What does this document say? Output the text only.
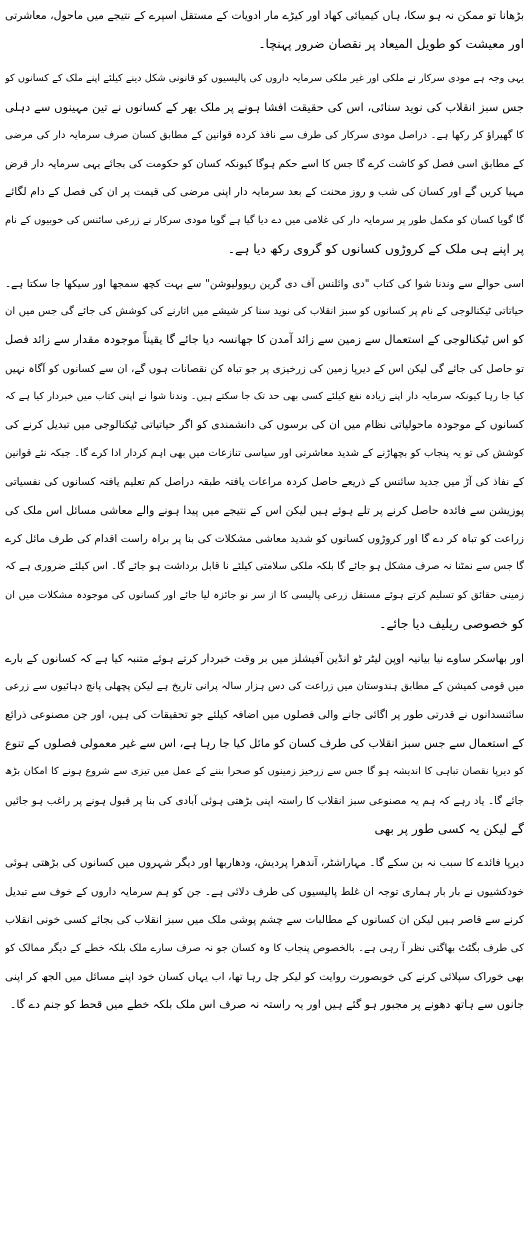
بڑھانا تو ممکن نہ ہو سکا، ہاں کیمیائی کھاد اور کیڑے مار ادویات کے مستقل اسپرے کے نتیجے میں ماحول، معاشرتی
اور معیشت کو طویل المیعاد پر نقصان ضرور پہنچا۔
یہی وجہ ہے مودی سرکار نے ملکی اور غیر ملکی سرمایہ داروں کی پالیسیوں کو قانونی شکل دینے کیلئے اپنے ملک کے کسانوں کو
جس سبز انقلاب کی نوید سنائی، اس کی حقیقت افشا ہونے پر ملک بھر کے کسانوں نے تین مہینوں سے دہلی
کا گھیراؤ کر رکھا ہے۔ دراصل مودی سرکار کی طرف سے نافذ کردہ قوانین کے مطابق کسان صرف سرمایہ دار کی مرضی
کے مطابق اسی فصل کو کاشت کرے گا جس کا اسے حکم ہوگا کیونکہ کسان کو حکومت کی بجائے یہی سرمایہ دار قرض
مہیا کریں گے اور کسان کی شب و روز محنت کے بعد سرمایہ دار اپنی مرضی کی قیمت پر ان کی فصل کے دام لگائے
گا گویا کسان کو مکمل طور پر سرمایہ دار کی غلامی میں دے دیا گیا ہے گویا مودی سرکار نے زرعی سائنس کی خوبیوں کے نام
پر اپنے ہی ملک کے کروڑوں کسانوں کو گروی رکھ دیا ہے۔
اسی حوالے سے وندنا شوا کی کتاب "دی وائلنس آف دی گرین ریوولیوشن" سے بہت کچھ سمجھا اور سیکھا جا سکتا ہے۔
حیاتاتی ٹیکنالوجی کے نام پر کسانوں کو سبز انقلاب کی نوید سنا کر شیشے میں اتارنے کی کوشش کی جائے گی جس میں ان
کو اس ٹیکنالوجی کے استعمال سے زمین سے زائد آمدن کا جھانسہ دیا جائے گا یقیناً موجودہ مقدار سے زائد فصل
تو حاصل کی جائے گی لیکن اس کے دیرپا زمین کی زرخیزی پر جو تباہ کن نقصانات ہوں گے، ان سے کسانوں کو آگاہ نہیں
کیا جا رہا کیونکہ سرمایہ دار اپنے زیادہ نفع کیلئے کسی بھی حد تک جا سکتے ہیں۔ وندنا شوا نے اپنی کتاب میں خبردار کیا ہے کہ
کسانوں کے موجودہ ماحولیاتی نظام میں ان کی برسوں کی دانشمندی کو اگر حیاتیاتی ٹیکنالوجی میں تبدیل کرنے کی
کوشش کی تو یہ پنجاب کو بچھاڑنے کے شدید معاشرتی اور سیاسی تنازعات میں بھی اہم کردار ادا کرے گا۔ جبکہ نئے قوانین
کے نفاذ کی آڑ میں جدید سائنس کے ذریعے حاصل کردہ مراعات یافتہ طبقہ دراصل کم تعلیم یافتہ کسانوں کی نفسیاتی
پوزیشن سے فائدہ حاصل کرنے پر تلے ہوئے ہیں لیکن اس کے نتیجے میں پیدا ہونے والے معاشی مسائل اس ملک کی
زراعت کو تباہ کر دے گا اور کروڑوں کسانوں کو شدید معاشی مشکلات کی بنا پر براہ راست اقدام کی طرف مائل کرے
گا جس سے نمٹنا نہ صرف مشکل ہو جائے گا بلکہ ملکی سلامتی کیلئے نا قابل برداشت ہو جائے گا۔ اس کیلئے ضروری ہے کہ
زمینی حقائق کو تسلیم کرتے ہوئے مستقل زرعی پالیسی کا از سر نو جائزہ لیا جائے اور کسانوں کی موجودہ مشکلات میں ان
کو خصوصی ریلیف دیا جائے۔
اور بھاسکر ساوے نیا بیانیہ اوپن لیٹر ٹو انڈین آفیشلز میں بر وقت خبردار کرتے ہوئے متنبہ کیا ہے کہ کسانوں کے بارے
میں قومی کمیشن کے مطابق ہندوستان میں زراعت کی دس ہزار سالہ پرانی تاریخ ہے لیکن پچھلی پانچ دہائیوں سے زرعی
سائنسدانوں نے قدرتی طور پر اگائی جانے والی فصلوں میں اضافہ کیلئے جو تحقیقات کی ہیں، اور جن مصنوعی ذرائع
کے استعمال سے جس سبز انقلاب کی طرف کسان کو مائل کیا جا رہا ہے، اس سے غیر معمولی فصلوں کے تنوع
کو دیرپا نقصان تباہی کا اندیشہ ہو گا جس سے زرخیز زمینوں کو صحرا بننے کے عمل میں تیزی سے شروع ہونے کا امکان بڑھ
جائے گا۔ یاد رہے کہ ہم یہ مصنوعی سبز انقلاب کا راستہ اپنی بڑھتی ہوئی آبادی کی بنا پر قبول ہونے پر راغب ہو جائیں
گے لیکن یہ کسی طور پر بھی
دیرپا فائدے کا سبب نہ بن سکے گا۔ مہاراشٹر، آندھرا پردیش، ودھاربھا اور دیگر شہروں میں کسانوں کی بڑھتی ہوئی
خودکشیوں نے بار بار ہماری توجہ ان غلط پالیسیوں کی طرف دلائی ہے۔ جن کو ہم سرمایہ داروں کے خوف سے تبدیل
کرنے سے قاصر ہیں لیکن ان کسانوں کے مطالبات سے چشم پوشی ملک میں سبز انقلاب کی بجائے کسی خونی انقلاب
کی طرف بگٹٹ بھاگتی نظر آ رہی ہے۔ بالخصوص پنجاب کا وہ کسان جو نہ صرف سارے ملک بلکہ خطے کے دیگر ممالک کو
بھی خوراک سپلائی کرنے کی خوبصورت روایت کو لیکر چل رہا تھا، اب یہاں کسان خود اپنے مسائل میں الجھ کر اپنی
جانوں سے ہاتھ دھونے پر مجبور ہو گئے ہیں اور یہ راستہ نہ صرف اس ملک بلکہ خطے میں قحط کو جنم دے گا۔
